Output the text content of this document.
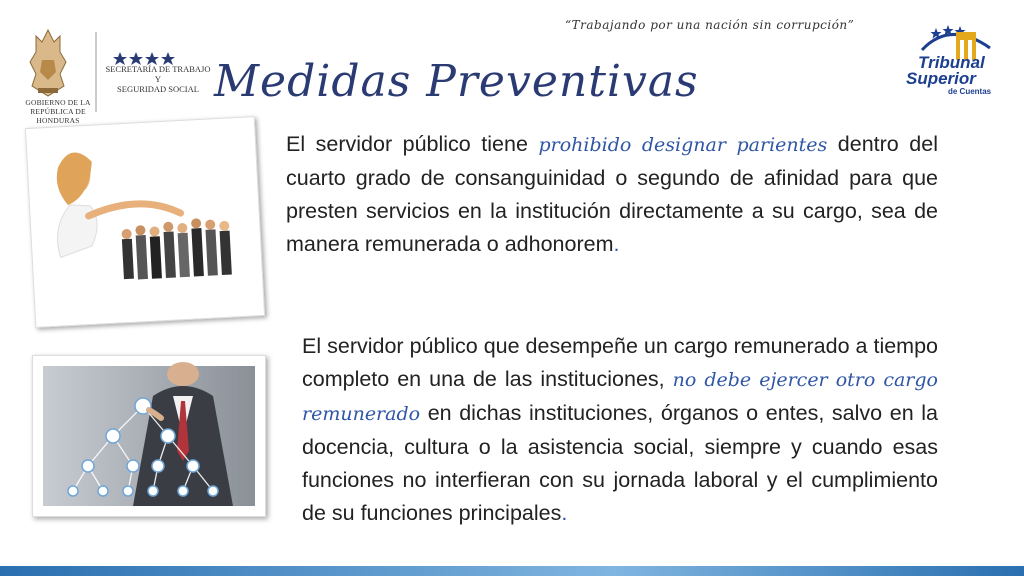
GOBIERNO DE LA
REPÚBLICA DE HONDURAS
SECRETARÍA DE TRABAJO Y
SEGURIDAD SOCIAL
“Trabajando por una nación sin corrupción”
Medidas Preventivas	Tribunal
Superior
de Cuentas
El servidor público tiene prohibido designar parientes dentro del cuarto grado de consanguinidad o segundo de afinidad para que presten servicios en la institución directamente a su cargo, sea de manera remunerada o adhonorem.
El servidor público que desempeñe un cargo remunerado a tiempo completo en una de las instituciones, no debe ejercer otro cargo remunerado en dichas instituciones, órganos o entes, salvo en la docencia, cultura o la asistencia social, siempre y cuando esas funciones no interfieran con su jornada laboral y el cumplimiento de su funciones principales.
